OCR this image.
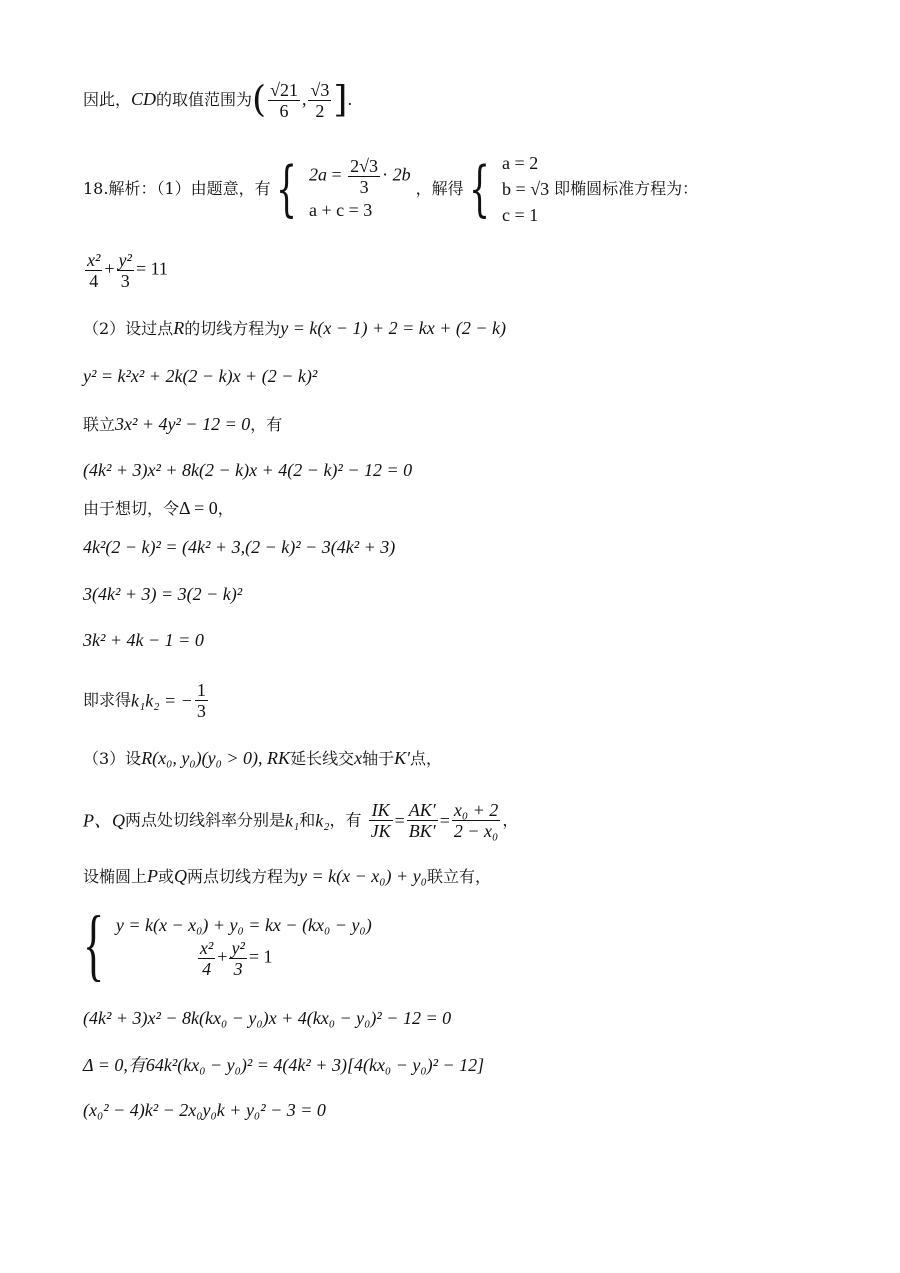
因此，CD的取值范围为( $\frac{√21}{6}$ , $\frac{√3}{2}$ ].
18.解析：（1）由题意，有 { $2a = \frac{2√3}{3} \cdot 2b$
a + c = 3
，解得 { a = 2
b = √3
c = 1
即椭圆标准方程为：
$\frac{\text{x²}}{4} + \frac{\text{y²}}{3} = 11$
（2）设过点R的切线方程为y = k(x − 1) + 2 = kx + (2 − k)
y² = k²x² + 2k(2 − k)x + (2 − k)²
联立3x² + 4y² − 12 = 0，有
(4k² + 3)x² + 8k(2 − k)x + 4(2 − k)² − 12 = 0
由于想切，令Δ = 0，
4k²(2 − k)² = (4k² + 3,(2 − k)² − 3(4k² + 3)
3(4k² + 3) = 3(2 − k)²
3k² + 4k − 1 = 0
即求得k₁k₂ = − $\frac{1}{3}$
（3）设R(x₀, y₀)(y₀ > 0), RK延长线交x轴于K′点，
P、Q两点处切线斜率分别是k₁和k₂，有 $\frac{IK}{JK} = \frac{AK'}{BK'} = \frac{\text{x₀ + 2}}{\text{2 − x₀}}$ ，
设椭圆上P或Q两点切线方程为y = k(x − x₀) + y₀联立有，
{ y = k(x − x₀) + y₀ = kx − (kx₀ − y₀)
$\frac{\text{x²}}{4} + \frac{\text{y²}}{3} = 1$
(4k² + 3)x² − 8k(kx₀ − y₀)x + 4(kx₀ − y₀)² − 12 = 0
Δ = 0,有64k²(kx₀ − y₀)² = 4(4k² + 3)[4(kx₀ − y₀)² − 12]
(x₀² − 4)k² − 2x₀y₀k + y₀² − 3 = 0
